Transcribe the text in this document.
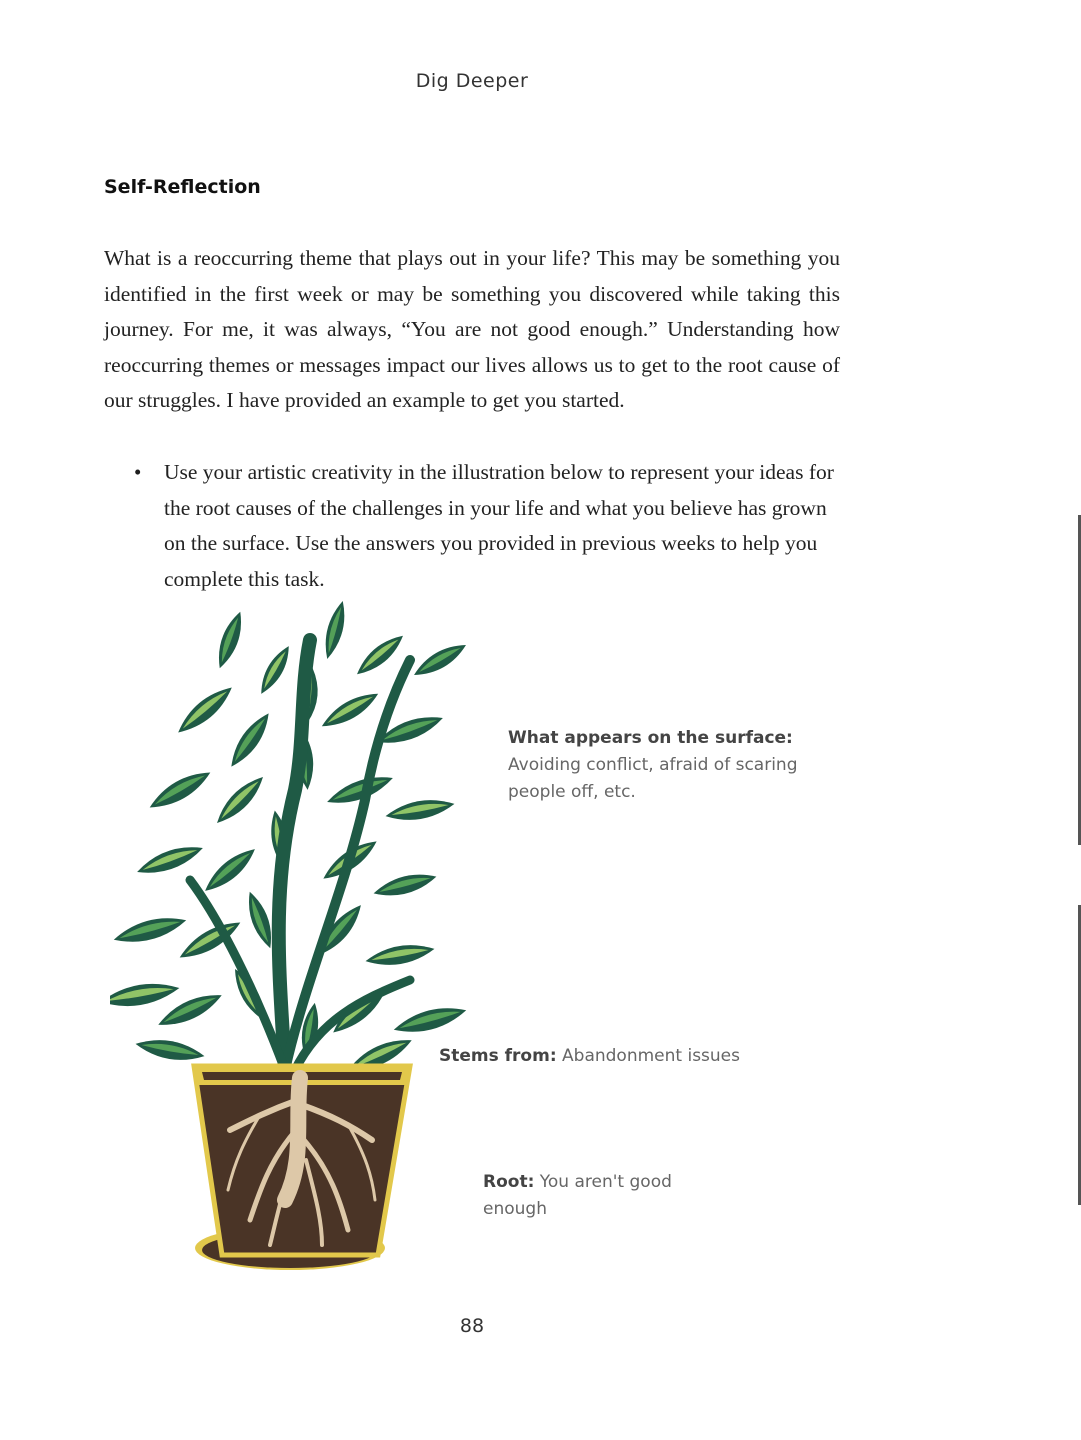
Dig Deeper
Self-Reflection

What is a reoccurring theme that plays out in your life? This may be something you identified in the first week or may be something you discovered while taking this journey. For me, it was always, “You are not good enough.” Understanding how reoccurring themes or messages impact our lives allows us to get to the root cause of our struggles. I have provided an example to get you started.

• Use your artistic creativity in the illustration below to represent your ideas for the root causes of the challenges in your life and what you believe has grown on the surface. Use the answers you provided in previous weeks to help you complete this task.
What appears on the surface:
Avoiding conflict, afraid of scaring people off, etc.
Stems from: Abandonment issues
Root: You aren't good enough
88
